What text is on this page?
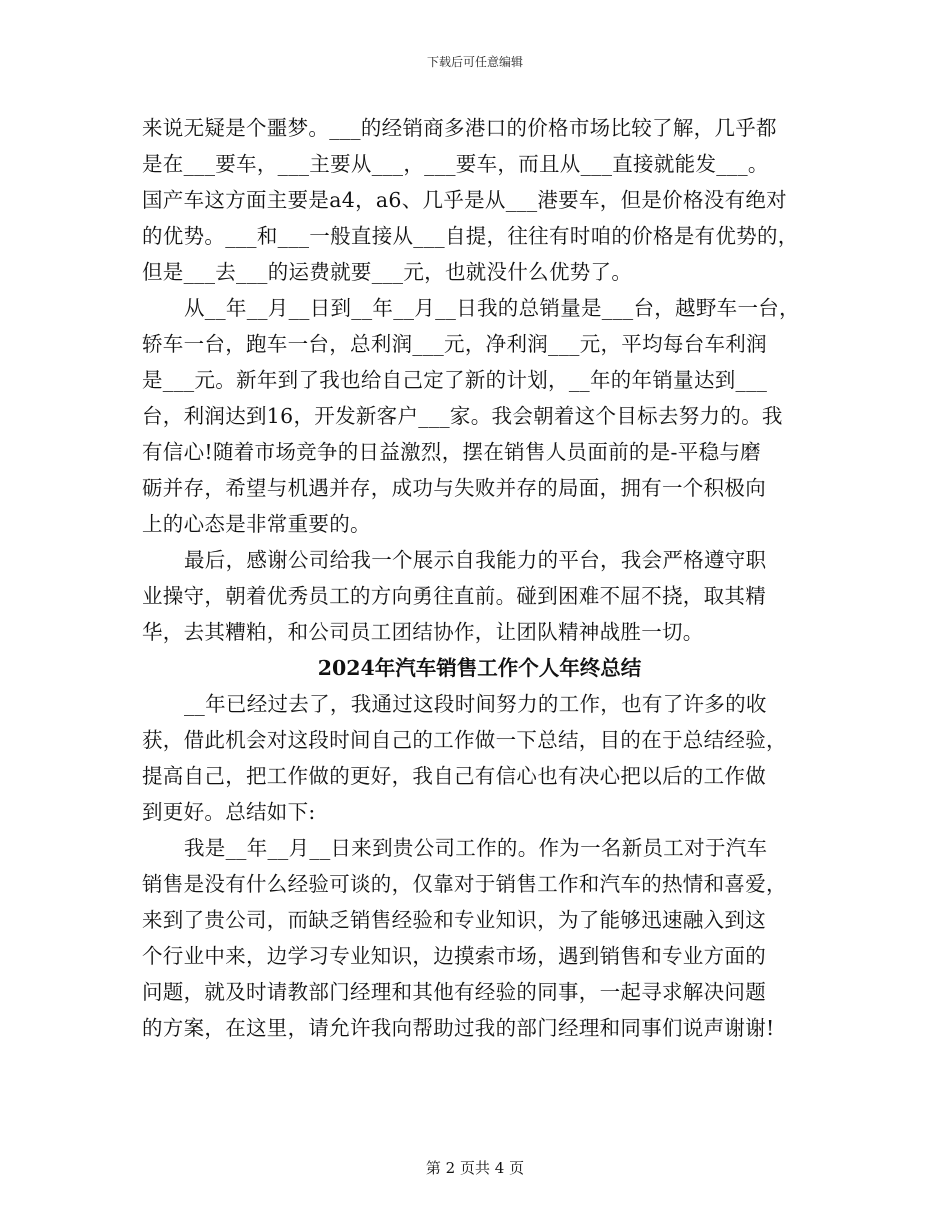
下载后可任意编辑
来说无疑是个噩梦。___的经销商多港口的价格市场比较了解，几乎都
是在___要车，___主要从___，___要车，而且从___直接就能发___。
国产车这方面主要是a4，a6、几乎是从___港要车，但是价格没有绝对
的优势。___和___一般直接从___自提，往往有时咱的价格是有优势的，
但是___去___的运费就要___元，也就没什么优势了。
从__年__月__日到__年__月__日我的总销量是___台，越野车一台，
轿车一台，跑车一台，总利润___元，净利润___元，平均每台车利润
是___元。新年到了我也给自己定了新的计划，__年的年销量达到___
台，利润达到16，开发新客户___家。我会朝着这个目标去努力的。我
有信心!随着市场竞争的日益激烈，摆在销售人员面前的是-平稳与磨
砺并存，希望与机遇并存，成功与失败并存的局面，拥有一个积极向
上的心态是非常重要的。
最后，感谢公司给我一个展示自我能力的平台，我会严格遵守职
业操守，朝着优秀员工的方向勇往直前。碰到困难不屈不挠，取其精
华，去其糟粕，和公司员工团结协作，让团队精神战胜一切。
2024年汽车销售工作个人年终总结
__年已经过去了，我通过这段时间努力的工作，也有了许多的收
获，借此机会对这段时间自己的工作做一下总结，目的在于总结经验，
提高自己，把工作做的更好，我自己有信心也有决心把以后的工作做
到更好。总结如下:
我是__年__月__日来到贵公司工作的。作为一名新员工对于汽车
销售是没有什么经验可谈的，仅靠对于销售工作和汽车的热情和喜爱，
来到了贵公司，而缺乏销售经验和专业知识，为了能够迅速融入到这
个行业中来，边学习专业知识，边摸索市场，遇到销售和专业方面的
问题，就及时请教部门经理和其他有经验的同事，一起寻求解决问题
的方案，在这里，请允许我向帮助过我的部门经理和同事们说声谢谢!
第 2 页共 4 页
